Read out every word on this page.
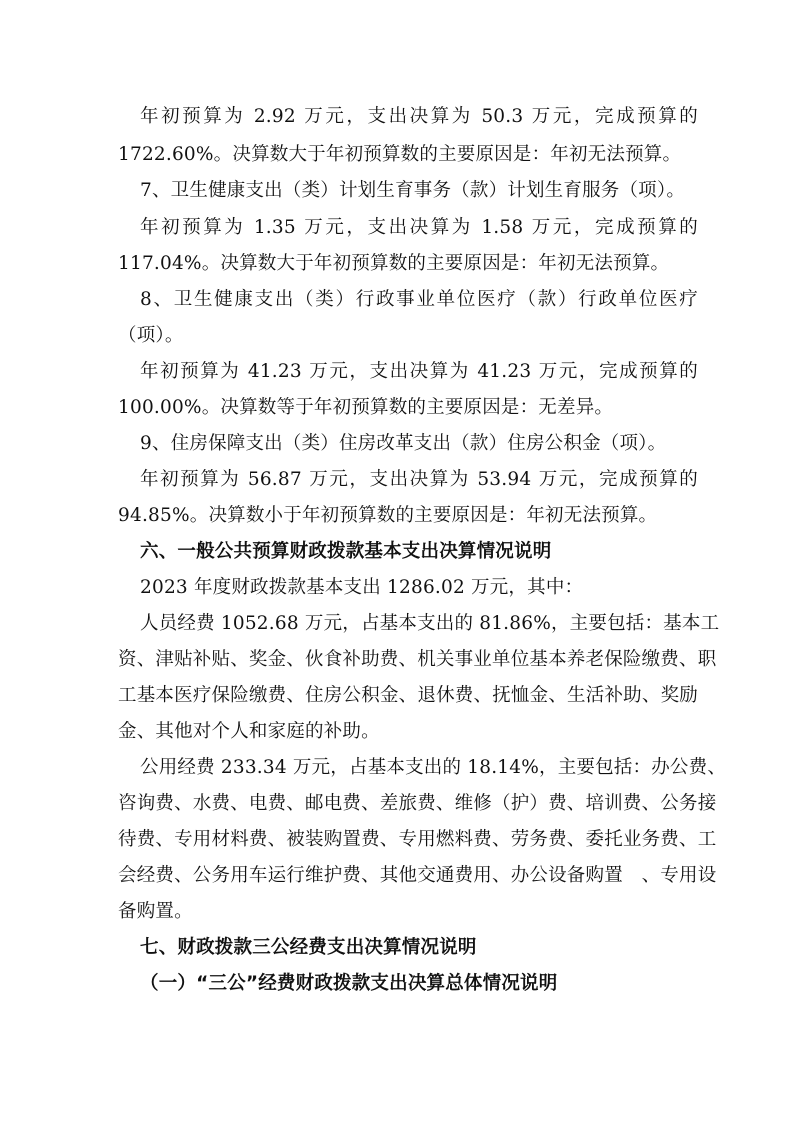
年初预算为 2.92 万元，支出决算为 50.3 万元，完成预算的
1722.60%。决算数大于年初预算数的主要原因是：年初无法预算。
7、卫生健康支出（类）计划生育事务（款）计划生育服务（项）。
年初预算为 1.35 万元，支出决算为 1.58 万元，完成预算的
117.04%。决算数大于年初预算数的主要原因是：年初无法预算。
8、卫生健康支出（类）行政事业单位医疗（款）行政单位医疗
（项）。
年初预算为 41.23 万元，支出决算为 41.23 万元，完成预算的
100.00%。决算数等于年初预算数的主要原因是：无差异。
9、住房保障支出（类）住房改革支出（款）住房公积金（项）。
年初预算为 56.87 万元，支出决算为 53.94 万元，完成预算的
94.85%。决算数小于年初预算数的主要原因是：年初无法预算。
六、一般公共预算财政拨款基本支出决算情况说明
2023 年度财政拨款基本支出 1286.02 万元，其中：
人员经费 1052.68 万元，占基本支出的 81.86%，主要包括：基本工
资、津贴补贴、奖金、伙食补助费、机关事业单位基本养老保险缴费、职
工基本医疗保险缴费、住房公积金、退休费、抚恤金、生活补助、奖励
金、其他对个人和家庭的补助。
公用经费 233.34 万元，占基本支出的 18.14%，主要包括：办公费、
咨询费、水费、电费、邮电费、差旅费、维修（护）费、培训费、公务接
待费、专用材料费、被装购置费、专用燃料费、劳务费、委托业务费、工
会经费、公务用车运行维护费、其他交通费用、办公设备购置　、专用设
备购置。
七、财政拨款三公经费支出决算情况说明
（一）“三公”经费财政拨款支出决算总体情况说明
